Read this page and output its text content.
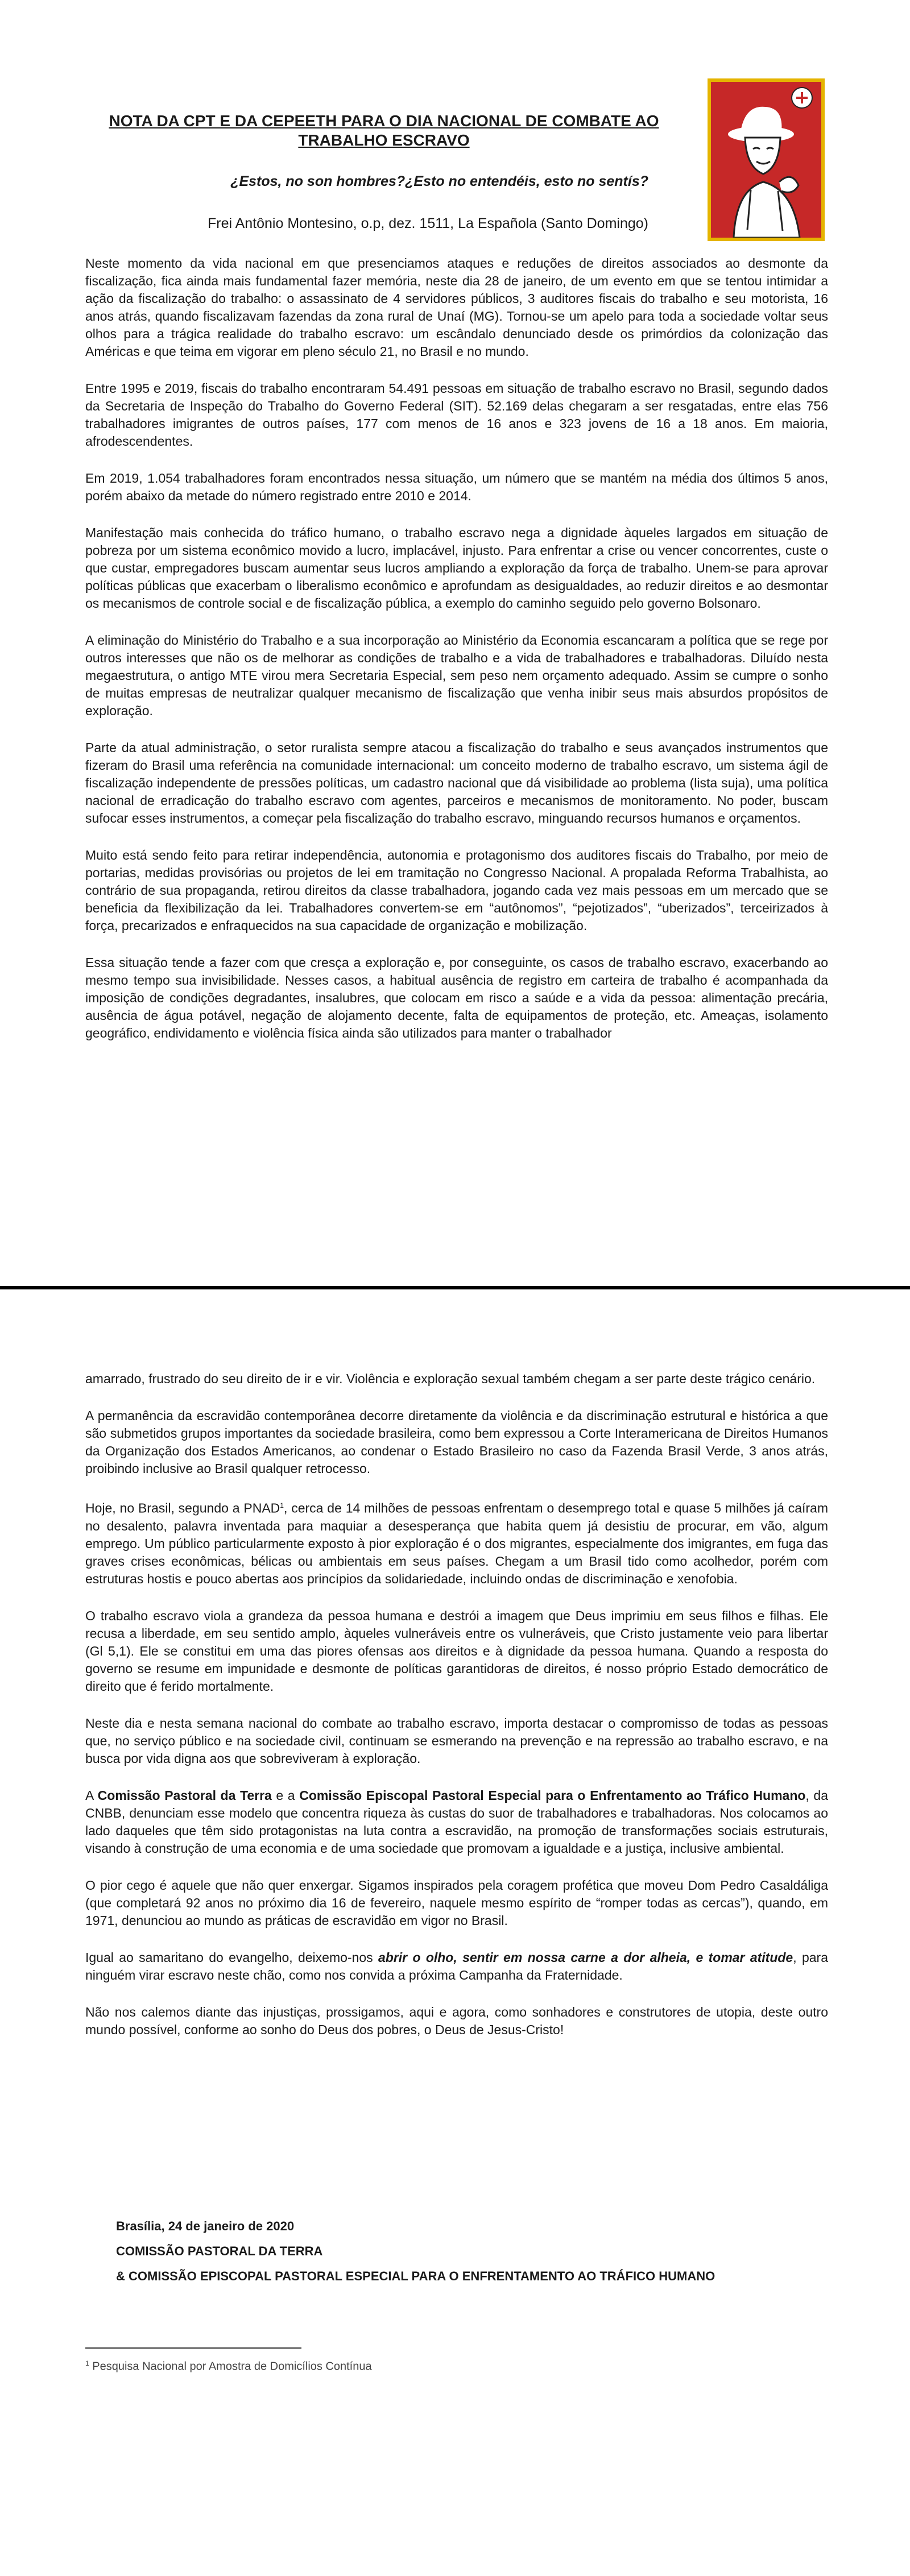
NOTA DA CPT E DA CEPEETH PARA O DIA NACIONAL DE COMBATE AO TRABALHO ESCRAVO
¿Estos, no son hombres?¿Esto no entendéis, esto no sentís?
Frei Antônio Montesino, o.p, dez. 1511, La Española (Santo Domingo)

Neste momento da vida nacional em que presenciamos ataques e reduções de direitos associados ao desmonte da fiscalização, fica ainda mais fundamental fazer memória, neste dia 28 de janeiro, de um evento em que se tentou intimidar a ação da fiscalização do trabalho: o assassinato de 4 servidores públicos, 3 auditores fiscais do trabalho e seu motorista, 16 anos atrás, quando fiscalizavam fazendas da zona rural de Unaí (MG). Tornou-se um apelo para toda a sociedade voltar seus olhos para a trágica realidade do trabalho escravo: um escândalo denunciado desde os primórdios da colonização das Américas e que teima em vigorar em pleno século 21, no Brasil e no mundo.

Entre 1995 e 2019, fiscais do trabalho encontraram 54.491 pessoas em situação de trabalho escravo no Brasil, segundo dados da Secretaria de Inspeção do Trabalho do Governo Federal (SIT). 52.169 delas chegaram a ser resgatadas, entre elas 756 trabalhadores imigrantes de outros países, 177 com menos de 16 anos e 323 jovens de 16 a 18 anos. Em maioria, afrodescendentes.

Em 2019, 1.054 trabalhadores foram encontrados nessa situação, um número que se mantém na média dos últimos 5 anos, porém abaixo da metade do número registrado entre 2010 e 2014.

Manifestação mais conhecida do tráfico humano, o trabalho escravo nega a dignidade àqueles largados em situação de pobreza por um sistema econômico movido a lucro, implacável, injusto. Para enfrentar a crise ou vencer concorrentes, custe o que custar, empregadores buscam aumentar seus lucros ampliando a exploração da força de trabalho. Unem-se para aprovar políticas públicas que exacerbam o liberalismo econômico e aprofundam as desigualdades, ao reduzir direitos e ao desmontar os mecanismos de controle social e de fiscalização pública, a exemplo do caminho seguido pelo governo Bolsonaro.

A eliminação do Ministério do Trabalho e a sua incorporação ao Ministério da Economia escancaram a política que se rege por outros interesses que não os de melhorar as condições de trabalho e a vida de trabalhadores e trabalhadoras. Diluído nesta megaestrutura, o antigo MTE virou mera Secretaria Especial, sem peso nem orçamento adequado. Assim se cumpre o sonho de muitas empresas de neutralizar qualquer mecanismo de fiscalização que venha inibir seus mais absurdos propósitos de exploração.

Parte da atual administração, o setor ruralista sempre atacou a fiscalização do trabalho e seus avançados instrumentos que fizeram do Brasil uma referência na comunidade internacional: um conceito moderno de trabalho escravo, um sistema ágil de fiscalização independente de pressões políticas, um cadastro nacional que dá visibilidade ao problema (lista suja), uma política nacional de erradicação do trabalho escravo com agentes, parceiros e mecanismos de monitoramento. No poder, buscam sufocar esses instrumentos, a começar pela fiscalização do trabalho escravo, minguando recursos humanos e orçamentos.

Muito está sendo feito para retirar independência, autonomia e protagonismo dos auditores fiscais do Trabalho, por meio de portarias, medidas provisórias ou projetos de lei em tramitação no Congresso Nacional. A propalada Reforma Trabalhista, ao contrário de sua propaganda, retirou direitos da classe trabalhadora, jogando cada vez mais pessoas em um mercado que se beneficia da flexibilização da lei. Trabalhadores convertem-se em “autônomos”, “pejotizados”, “uberizados”, terceirizados à força, precarizados e enfraquecidos na sua capacidade de organização e mobilização.

Essa situação tende a fazer com que cresça a exploração e, por conseguinte, os casos de trabalho escravo, exacerbando ao mesmo tempo sua invisibilidade. Nesses casos, a habitual ausência de registro em carteira de trabalho é acompanhada da imposição de condições degradantes, insalubres, que colocam em risco a saúde e a vida da pessoa: alimentação precária, ausência de água potável, negação de alojamento decente, falta de equipamentos de proteção, etc. Ameaças, isolamento geográfico, endividamento e violência física ainda são utilizados para manter o trabalhador

amarrado, frustrado do seu direito de ir e vir. Violência e exploração sexual também chegam a ser parte deste trágico cenário.

A permanência da escravidão contemporânea decorre diretamente da violência e da discriminação estrutural e histórica a que são submetidos grupos importantes da sociedade brasileira, como bem expressou a Corte Interamericana de Direitos Humanos da Organização dos Estados Americanos, ao condenar o Estado Brasileiro no caso da Fazenda Brasil Verde, 3 anos atrás, proibindo inclusive ao Brasil qualquer retrocesso.

Hoje, no Brasil, segundo a PNAD$^1$, cerca de 14 milhões de pessoas enfrentam o desemprego total e quase 5 milhões já caíram no desalento, palavra inventada para maquiar a desesperança que habita quem já desistiu de procurar, em vão, algum emprego. Um público particularmente exposto à pior exploração é o dos migrantes, especialmente dos imigrantes, em fuga das graves crises econômicas, bélicas ou ambientais em seus países. Chegam a um Brasil tido como acolhedor, porém com estruturas hostis e pouco abertas aos princípios da solidariedade, incluindo ondas de discriminação e xenofobia.

O trabalho escravo viola a grandeza da pessoa humana e destrói a imagem que Deus imprimiu em seus filhos e filhas. Ele recusa a liberdade, em seu sentido amplo, àqueles vulneráveis entre os vulneráveis, que Cristo justamente veio para libertar (Gl 5,1). Ele se constitui em uma das piores ofensas aos direitos e à dignidade da pessoa humana. Quando a resposta do governo se resume em impunidade e desmonte de políticas garantidoras de direitos, é nosso próprio Estado democrático de direito que é ferido mortalmente.

Neste dia e nesta semana nacional do combate ao trabalho escravo, importa destacar o compromisso de todas as pessoas que, no serviço público e na sociedade civil, continuam se esmerando na prevenção e na repressão ao trabalho escravo, e na busca por vida digna aos que sobreviveram à exploração.

A Comissão Pastoral da Terra e a Comissão Episcopal Pastoral Especial para o Enfrentamento ao Tráfico Humano, da CNBB, denunciam esse modelo que concentra riqueza às custas do suor de trabalhadores e trabalhadoras. Nos colocamos ao lado daqueles que têm sido protagonistas na luta contra a escravidão, na promoção de transformações sociais estruturais, visando à construção de uma economia e de uma sociedade que promovam a igualdade e a justiça, inclusive ambiental.

O pior cego é aquele que não quer enxergar. Sigamos inspirados pela coragem profética que moveu Dom Pedro Casaldáliga (que completará 92 anos no próximo dia 16 de fevereiro, naquele mesmo espírito de “romper todas as cercas”), quando, em 1971, denunciou ao mundo as práticas de escravidão em vigor no Brasil.

Igual ao samaritano do evangelho, deixemo-nos abrir o olho, sentir em nossa carne a dor alheia, e tomar atitude, para ninguém virar escravo neste chão, como nos convida a próxima Campanha da Fraternidade.

Não nos calemos diante das injustiças, prossigamos, aqui e agora, como sonhadores e construtores de utopia, deste outro mundo possível, conforme ao sonho do Deus dos pobres, o Deus de Jesus-Cristo!

Brasília, 24 de janeiro de 2020
COMISSÃO PASTORAL DA TERRA
& COMISSÃO EPISCOPAL PASTORAL ESPECIAL PARA O ENFRENTAMENTO AO TRÁFICO HUMANO
$^1$ Pesquisa Nacional por Amostra de Domicílios Contínua
